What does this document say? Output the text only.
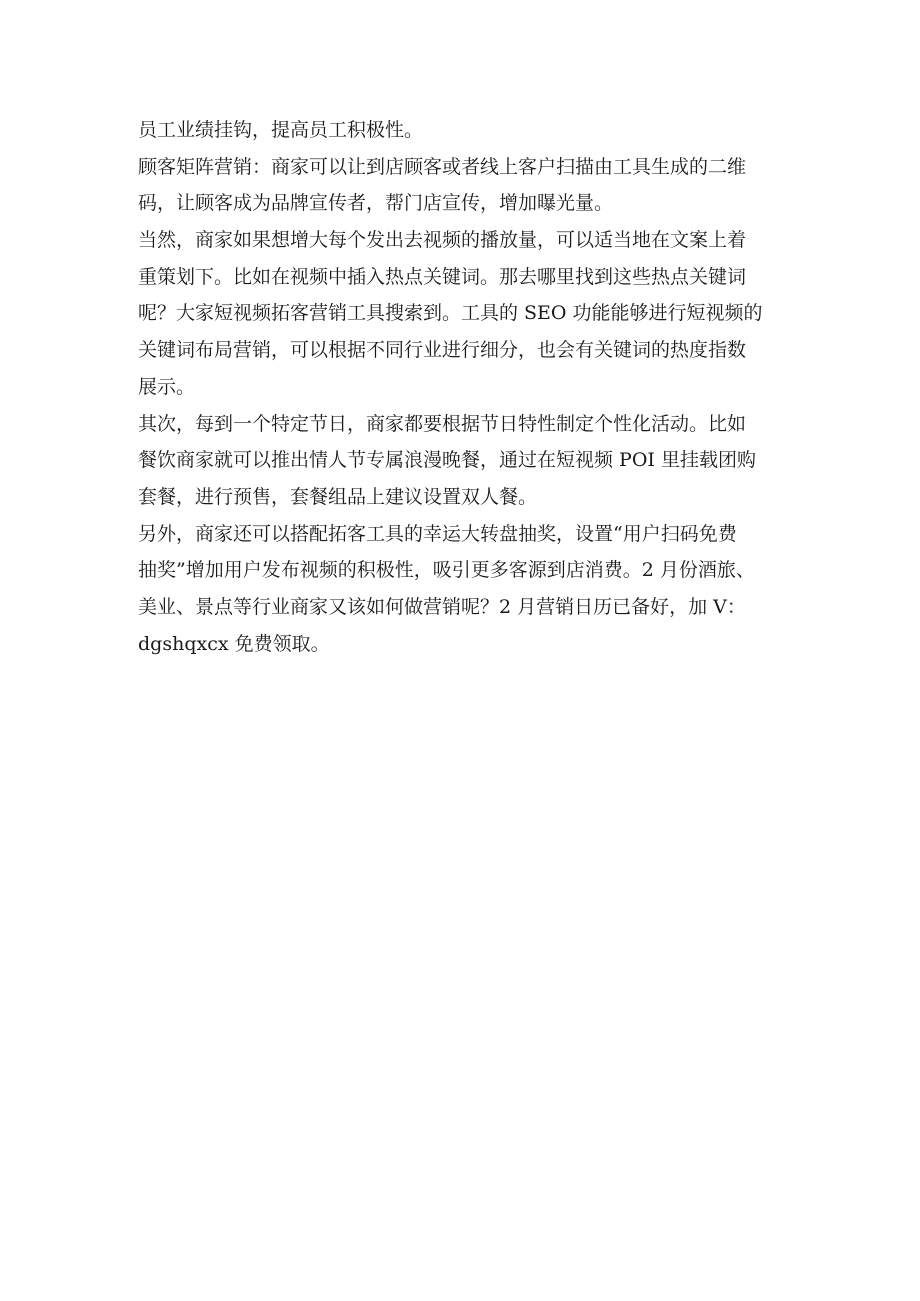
员工业绩挂钩，提高员工积极性。
顾客矩阵营销：商家可以让到店顾客或者线上客户扫描由工具生成的二维
码，让顾客成为品牌宣传者，帮门店宣传，增加曝光量。
当然，商家如果想增大每个发出去视频的播放量，可以适当地在文案上着
重策划下。比如在视频中插入热点关键词。那去哪里找到这些热点关键词
呢？大家短视频拓客营销工具搜索到。工具的 SEO 功能能够进行短视频的
关键词布局营销，可以根据不同行业进行细分，也会有关键词的热度指数
展示。
其次，每到一个特定节日，商家都要根据节日特性制定个性化活动。比如
餐饮商家就可以推出情人节专属浪漫晚餐，通过在短视频 POI 里挂载团购
套餐，进行预售，套餐组品上建议设置双人餐。
另外，商家还可以搭配拓客工具的幸运大转盘抽奖，设置“用户扫码免费
抽奖”增加用户发布视频的积极性，吸引更多客源到店消费。2 月份酒旅、
美业、景点等行业商家又该如何做营销呢？2 月营销日历已备好，加 V：
dgshqxcx 免费领取。
